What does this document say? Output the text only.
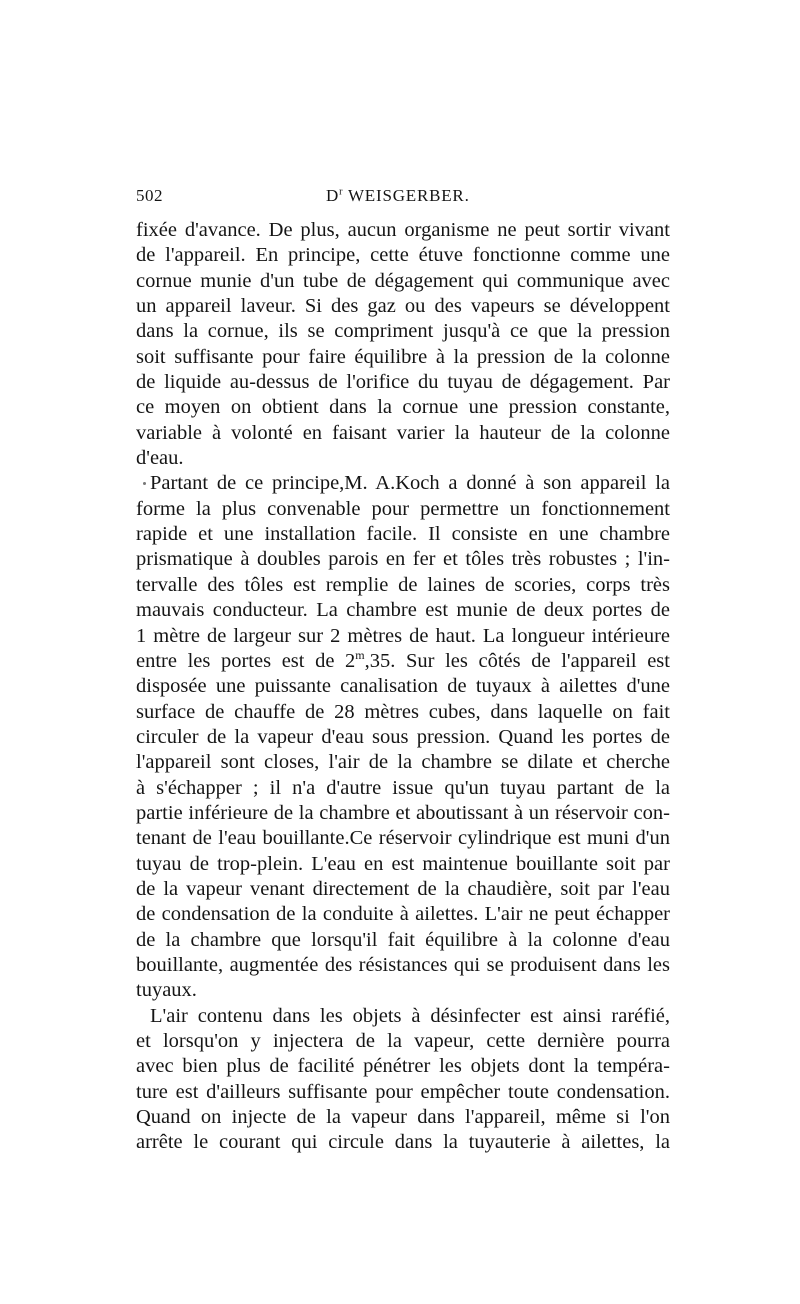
502	$D^r$ WEISGERBER.
fixée d'avance. De plus, aucun organisme ne peut sortir vivant
de l'appareil. En principe, cette étuve fonctionne comme une
cornue munie d'un tube de dégagement qui communique avec
un appareil laveur. Si des gaz ou des vapeurs se développent
dans la cornue, ils se compriment jusqu'à ce que la pression
soit suffisante pour faire équilibre à la pression de la colonne
de liquide au-dessus de l'orifice du tuyau de dégagement. Par
ce moyen on obtient dans la cornue une pression constante,
variable à volonté en faisant varier la hauteur de la colonne
d'eau.
Partant de ce principe,M. A.Koch a donné à son appareil la
forme la plus convenable pour permettre un fonctionnement
rapide et une installation facile. Il consiste en une chambre
prismatique à doubles parois en fer et tôles très robustes ; l'in-
tervalle des tôles est remplie de laines de scories, corps très
mauvais conducteur. La chambre est munie de deux portes de
1 mètre de largeur sur 2 mètres de haut. La longueur intérieure
entre les portes est de 2$^m$,35. Sur les côtés de l'appareil est
disposée une puissante canalisation de tuyaux à ailettes d'une
surface de chauffe de 28 mètres cubes, dans laquelle on fait
circuler de la vapeur d'eau sous pression. Quand les portes de
l'appareil sont closes, l'air de la chambre se dilate et cherche
à s'échapper ; il n'a d'autre issue qu'un tuyau partant de la
partie inférieure de la chambre et aboutissant à un réservoir con-
tenant de l'eau bouillante.Ce réservoir cylindrique est muni d'un
tuyau de trop-plein. L'eau en est maintenue bouillante soit par
de la vapeur venant directement de la chaudière, soit par l'eau
de condensation de la conduite à ailettes. L'air ne peut échapper
de la chambre que lorsqu'il fait équilibre à la colonne d'eau
bouillante, augmentée des résistances qui se produisent dans les
tuyaux.
L'air contenu dans les objets à désinfecter est ainsi raréfié,
et lorsqu'on y injectera de la vapeur, cette dernière pourra
avec bien plus de facilité pénétrer les objets dont la tempéra-
ture est d'ailleurs suffisante pour empêcher toute condensation.
Quand on injecte de la vapeur dans l'appareil, même si l'on
arrête le courant qui circule dans la tuyauterie à ailettes, la
